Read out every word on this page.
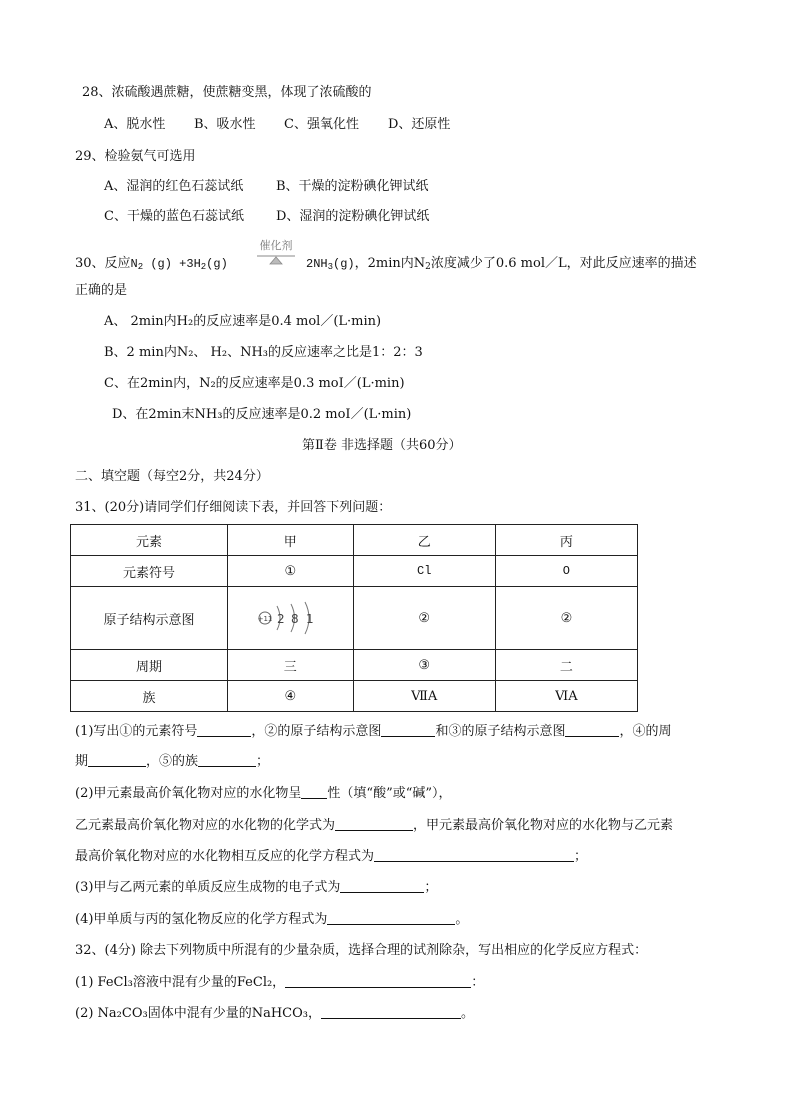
28、浓硫酸遇蔗糖，使蔗糖变黑，体现了浓硫酸的
A、脱水性 B、吸水性 C、强氧化性 D、还原性
29、检验氨气可选用
A、湿润的红色石蕊试纸	B、干燥的淀粉碘化钾试纸
C、干燥的蓝色石蕊试纸 D、湿润的淀粉碘化钾试纸
30、反应$N_2$ $(g) +3H_2(g)$
催化剂
$2NH_3(g)$，2min内$N_2$浓度减少了0.6 mol／L，对此反应速率的描述
正确的是
A、 2min内H₂的反应速率是0.4 mol／(L·min)
B、2 min内N₂、 H₂、NH₃的反应速率之比是1：2：3
C、在2min内，N₂的反应速率是0.3 moI／(L·min)
D、在2min末NH₃的反应速率是0.2 moI／(L·min)
第Ⅱ卷 非选择题（共60分）
二、填空题（每空2分，共24分）
31、(20分)请同学们仔细阅读下表，并回答下列问题：
元素	甲	乙	丙
元素符号	①	Cl	O
原子结构示意图	+11 2 8 1	②	②
周期	三	③	二
族	④	ⅦA	ⅥA
(1)写出①的元素符号	，②的原子结构示意图	和③的原子结构示意图	，④的周
期	，⑤的族	；
(2)甲元素最高价氧化物对应的水化物呈 性（填“酸”或“碱”），
乙元素最高价氧化物对应的水化物的化学式为	，甲元素最高价氧化物对应的水化物与乙元素
最高价氧化物对应的水化物相互反应的化学方程式为	；
(3)甲与乙两元素的单质反应生成物的电子式为	；
(4)甲单质与丙的氢化物反应的化学方程式为	。
32、(4分) 除去下列物质中所混有的少量杂质，选择合理的试剂除杂，写出相应的化学反应方程式：
(1) FeCl₃溶液中混有少量的FeCl₂，	：
(2) Na₂CO₃固体中混有少量的NaHCO₃，	。
